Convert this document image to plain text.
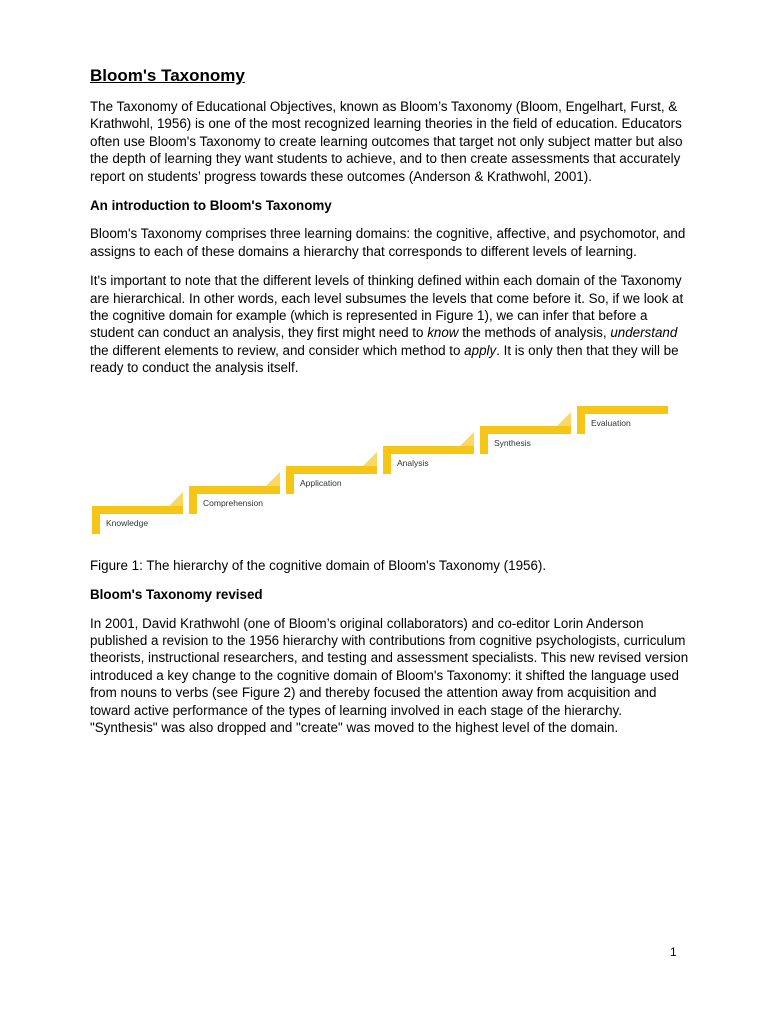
Bloom's Taxonomy

The Taxonomy of Educational Objectives, known as Bloom’s Taxonomy (Bloom, Engelhart, Furst, & Krathwohl, 1956) is one of the most recognized learning theories in the field of education. Educators often use Bloom's Taxonomy to create learning outcomes that target not only subject matter but also the depth of learning they want students to achieve, and to then create assessments that accurately report on students’ progress towards these outcomes (Anderson & Krathwohl, 2001).

An introduction to Bloom's Taxonomy

Bloom's Taxonomy comprises three learning domains: the cognitive, affective, and psychomotor, and assigns to each of these domains a hierarchy that corresponds to different levels of learning.

It's important to note that the different levels of thinking defined within each domain of the Taxonomy are hierarchical. In other words, each level subsumes the levels that come before it. So, if we look at the cognitive domain for example (which is represented in Figure 1), we can infer that before a student can conduct an analysis, they first might need to know the methods of analysis, understand the different elements to review, and consider which method to apply. It is only then that they will be ready to conduct the analysis itself.

Knowledge
Comprehension
Application
Analysis
Synthesis
Evaluation

Figure 1: The hierarchy of the cognitive domain of Bloom's Taxonomy (1956).

Bloom's Taxonomy revised

In 2001, David Krathwohl (one of Bloom’s original collaborators) and co-editor Lorin Anderson published a revision to the 1956 hierarchy with contributions from cognitive psychologists, curriculum theorists, instructional researchers, and testing and assessment specialists. This new revised version introduced a key change to the cognitive domain of Bloom's Taxonomy: it shifted the language used from nouns to verbs (see Figure 2) and thereby focused the attention away from acquisition and toward active performance of the types of learning involved in each stage of the hierarchy. "Synthesis" was also dropped and "create" was moved to the highest level of the domain.

1
